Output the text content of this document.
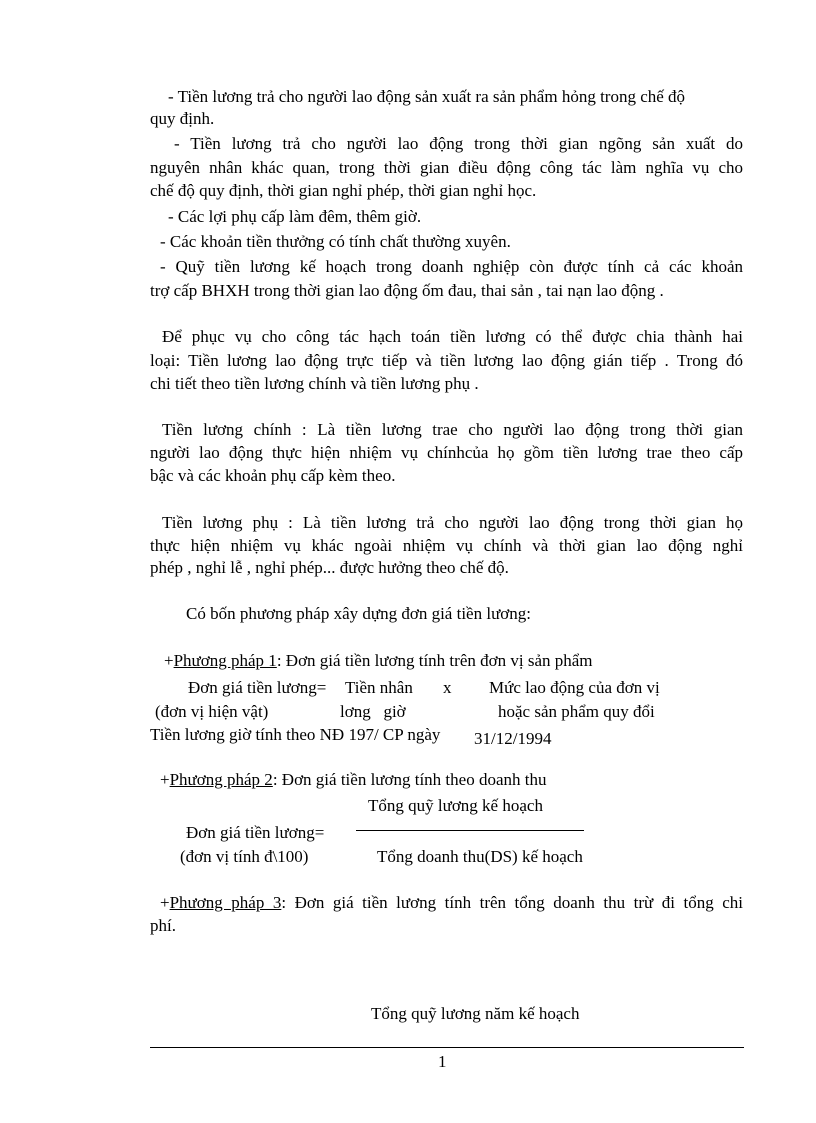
- Tiền lương trả cho người lao động sản xuất ra sản phẩm hỏng trong chế độ
quy định.
- Tiền lương trả cho người lao động trong thời gian ngõng sản xuất do
nguyên nhân khác quan, trong thời gian điều động công tác làm nghĩa vụ cho
chế độ quy định, thời gian nghỉ phép, thời gian nghỉ học.
- Các lợi phụ cấp làm đêm, thêm giờ.
- Các khoản tiền thưởng có tính chất thường xuyên.
- Quỹ tiền lương kế hoạch trong doanh nghiệp còn được tính cả các khoản
trợ cấp BHXH trong thời gian lao động ốm đau, thai sản , tai nạn lao động .
Để phục vụ cho công tác hạch toán tiền lương có thể được chia thành hai
loại: Tiền lương lao động trực tiếp và tiền lương lao động gián tiếp . Trong đó
chi tiết theo tiền lương chính và tiền lương phụ .
Tiền lương chính : Là tiền lương trae cho người lao động trong thời gian
người lao động thực hiện nhiệm vụ chínhcủa họ gồm tiền lương trae theo cấp
bậc và các khoản phụ cấp kèm theo.
Tiền lương phụ : Là tiền lương trả cho người lao động trong thời gian họ
thực hiện nhiệm vụ khác ngoài nhiệm vụ chính và thời gian lao động nghỉ
phép , nghỉ lễ , nghỉ phép... được hưởng theo chế độ.
Có bốn phương pháp xây dựng đơn giá tiền lương:
+Phương pháp 1: Đơn giá tiền lương tính trên đơn vị sản phẩm
Đơn giá tiền lương= Tiền nhân x Mức lao động của đơn vị
(đơn vị hiện vật)	lơng   giờ	hoặc sản phẩm quy đổi
Tiền lương giờ tính theo NĐ 197/ CP ngày 31/12/1994
+Phương pháp 2: Đơn giá tiền lương tính theo doanh thu
Tổng quỹ lương kế hoạch
Đơn giá tiền lương=
(đơn vị tính đ\100)	Tổng doanh thu(DS) kế hoạch
+Phương pháp 3: Đơn giá tiền lương tính trên tổng doanh thu trừ đi tổng chi
phí.
Tổng quỹ lương năm kế hoạch
1
